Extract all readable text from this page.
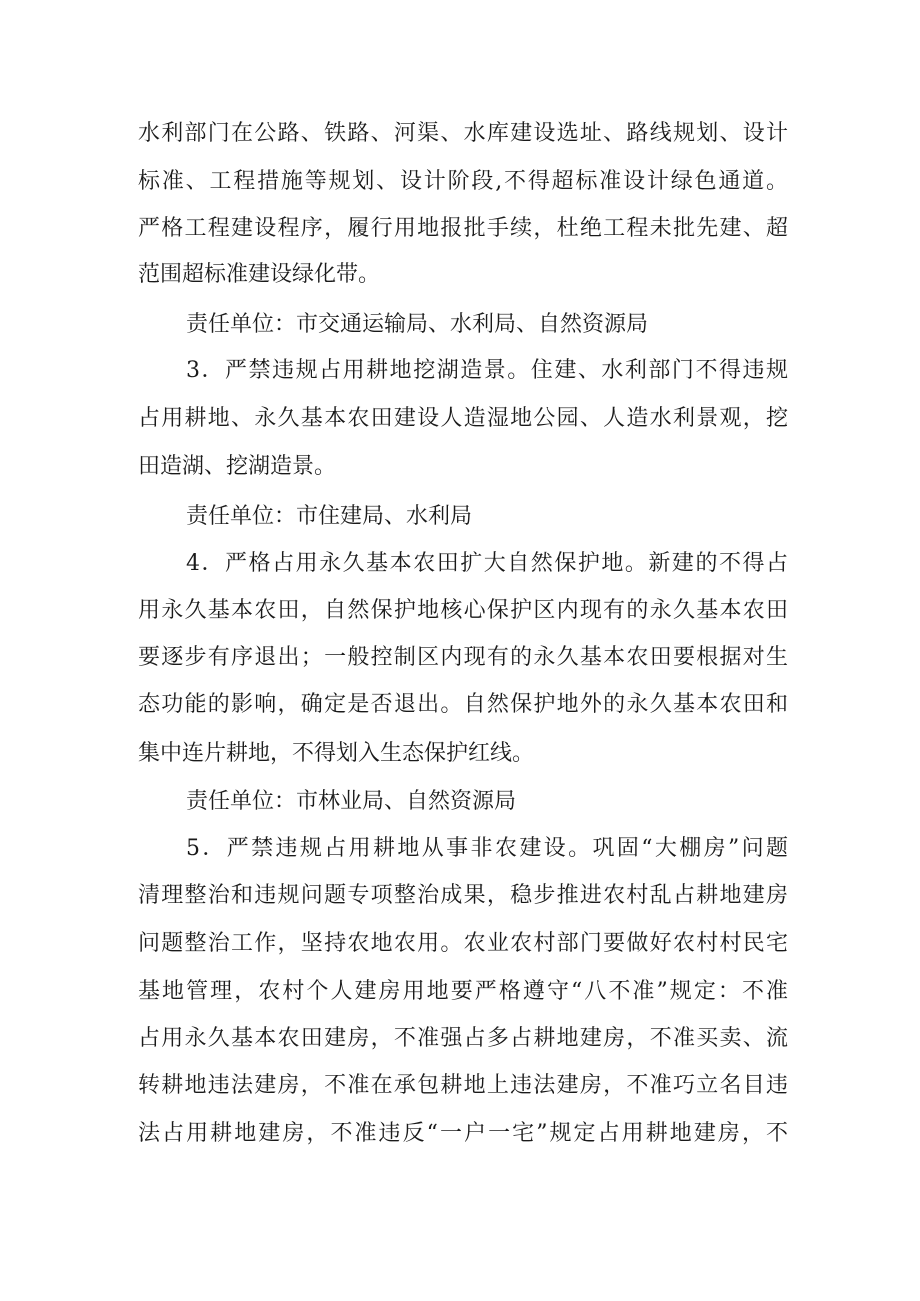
水利部门在公路、铁路、河渠、水库建设选址、路线规划、设计
标准、工程措施等规划、设计阶段,不得超标准设计绿色通道。
严格工程建设程序，履行用地报批手续，杜绝工程未批先建、超
范围超标准建设绿化带。
责任单位：市交通运输局、水利局、自然资源局
3．严禁违规占用耕地挖湖造景。住建、水利部门不得违规
占用耕地、永久基本农田建设人造湿地公园、人造水利景观，挖
田造湖、挖湖造景。
责任单位：市住建局、水利局
4．严格占用永久基本农田扩大自然保护地。新建的不得占
用永久基本农田，自然保护地核心保护区内现有的永久基本农田
要逐步有序退出；一般控制区内现有的永久基本农田要根据对生
态功能的影响，确定是否退出。自然保护地外的永久基本农田和
集中连片耕地，不得划入生态保护红线。
责任单位：市林业局、自然资源局
5．严禁违规占用耕地从事非农建设。巩固“大棚房”问题
清理整治和违规问题专项整治成果，稳步推进农村乱占耕地建房
问题整治工作，坚持农地农用。农业农村部门要做好农村村民宅
基地管理，农村个人建房用地要严格遵守“八不准”规定：不准
占用永久基本农田建房，不准强占多占耕地建房，不准买卖、流
转耕地违法建房，不准在承包耕地上违法建房，不准巧立名目违
法占用耕地建房，不准违反“一户一宅”规定占用耕地建房，不
